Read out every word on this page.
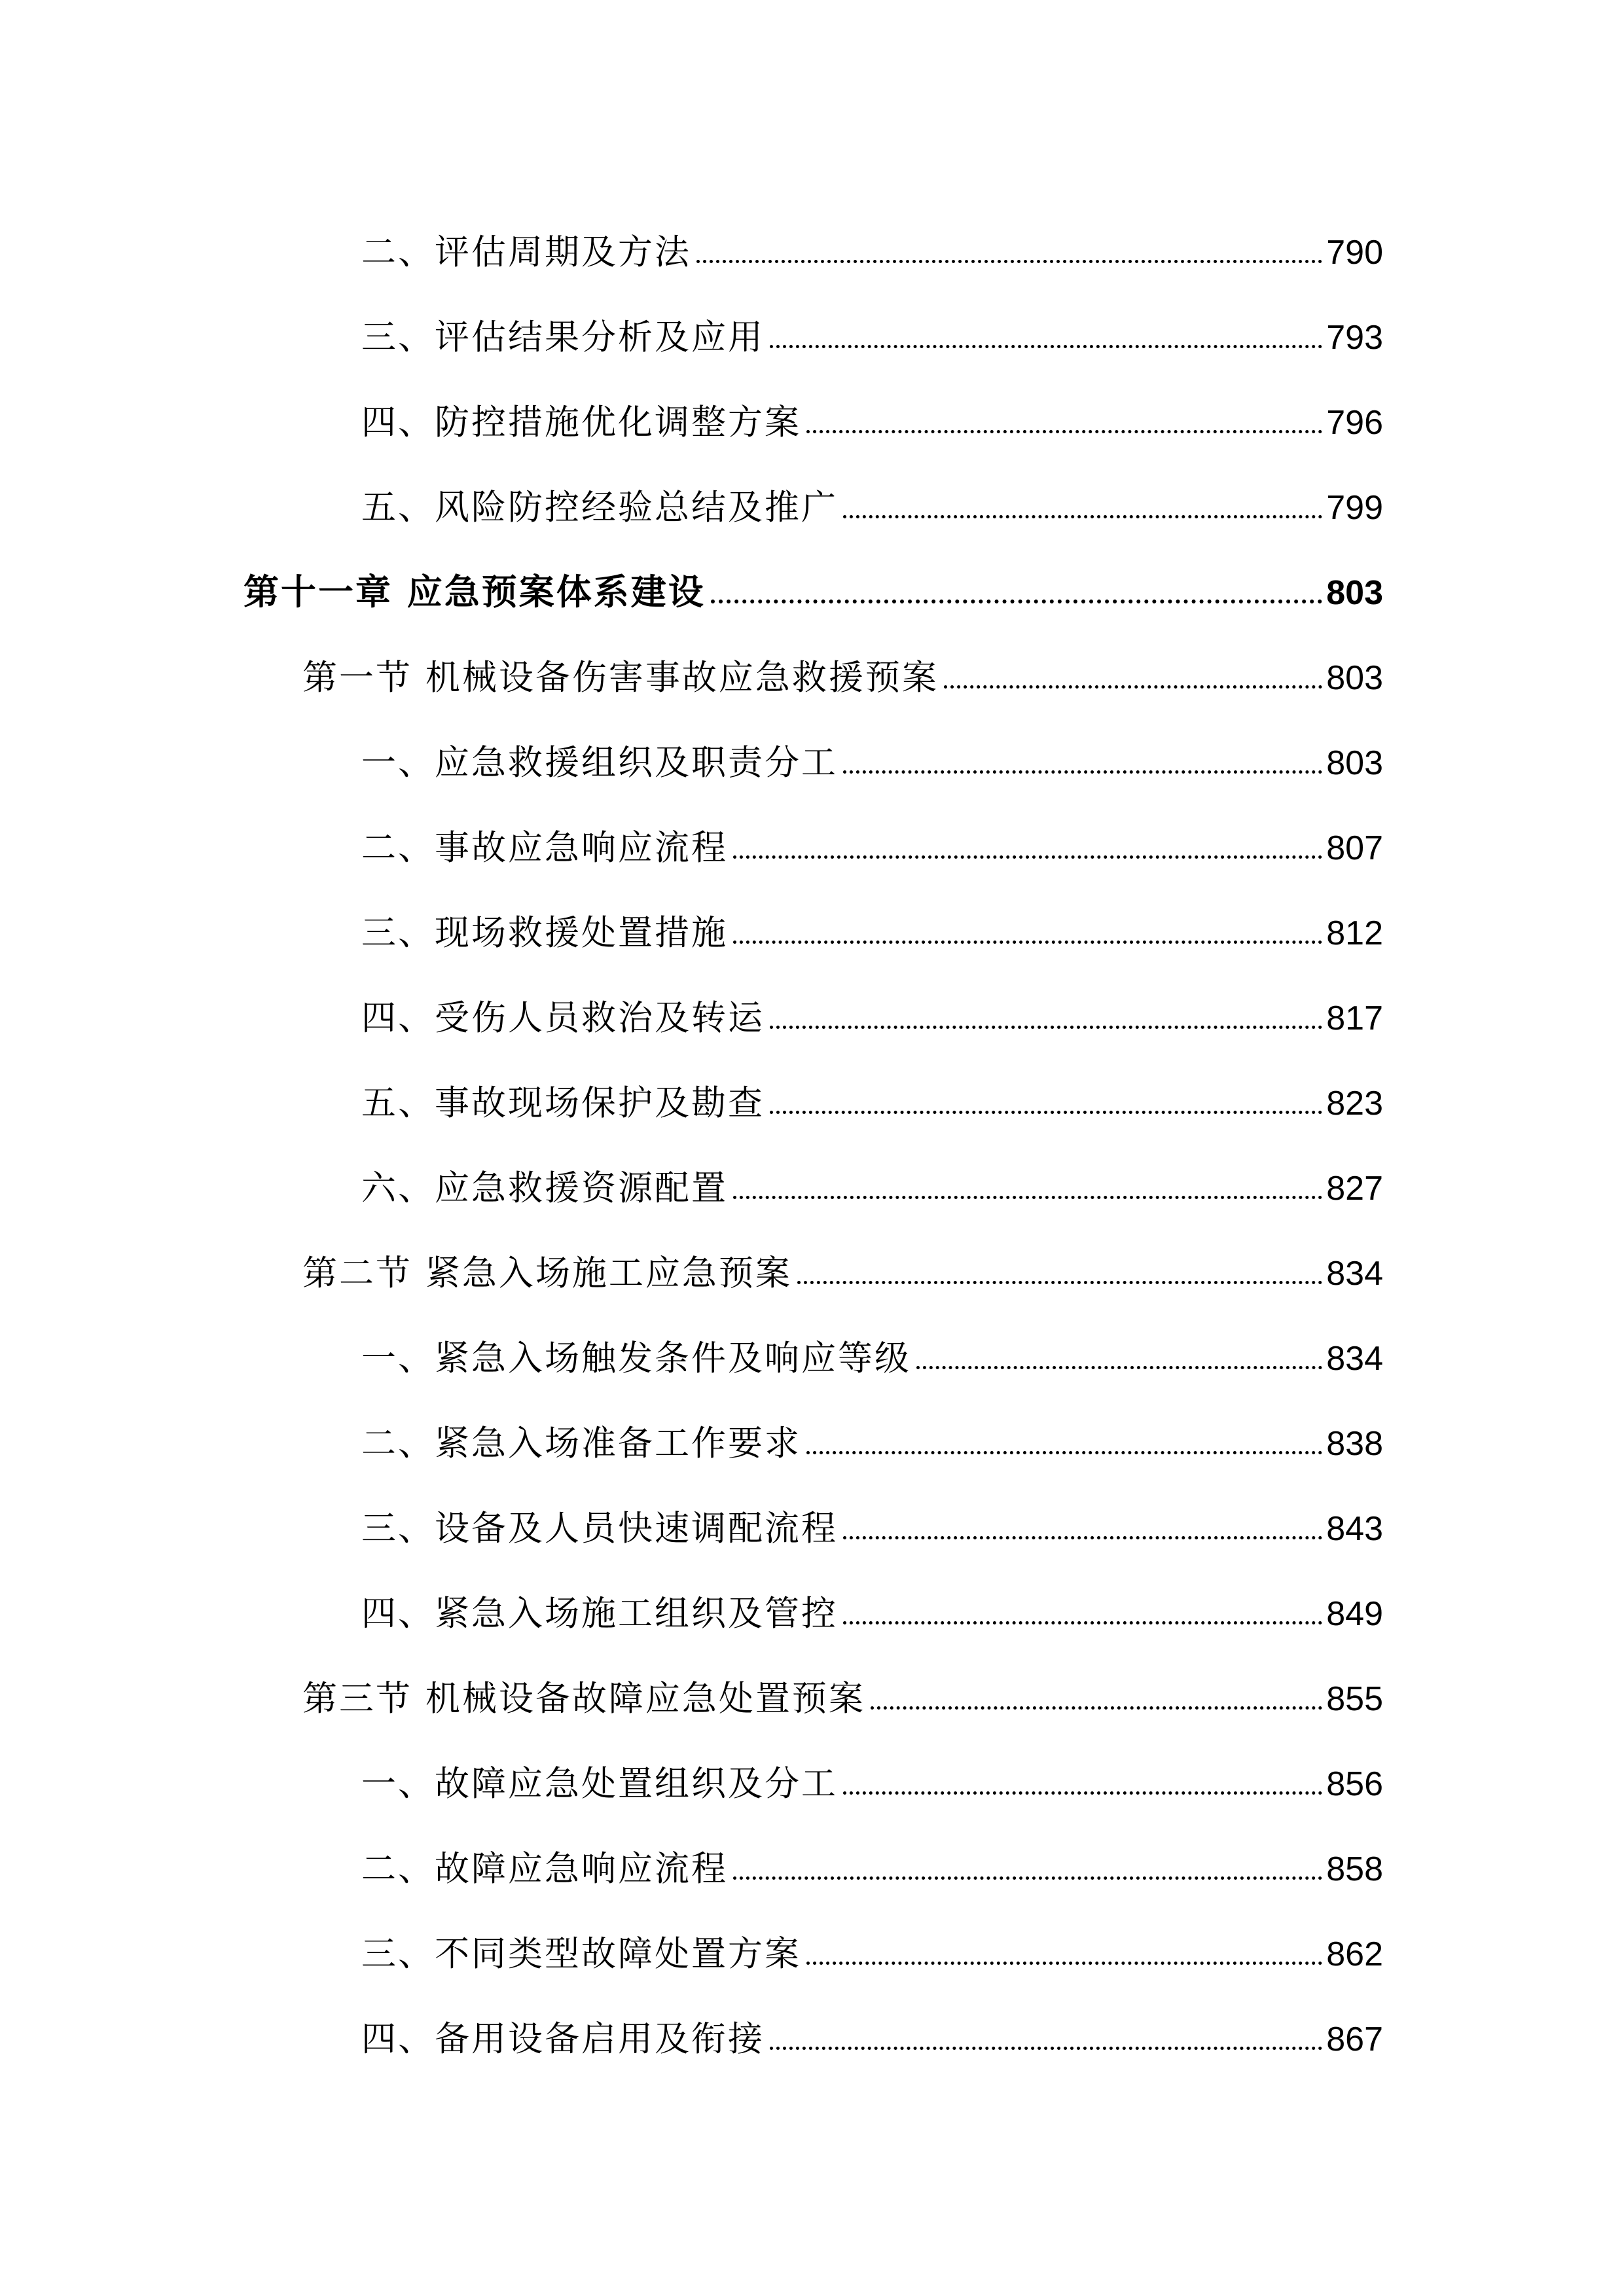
二、评估周期及方法	790
三、评估结果分析及应用	793
四、防控措施优化调整方案	796
五、风险防控经验总结及推广	799
第十一章 应急预案体系建设	803
第一节 机械设备伤害事故应急救援预案	803
一、应急救援组织及职责分工	803
二、事故应急响应流程	807
三、现场救援处置措施	812
四、受伤人员救治及转运	817
五、事故现场保护及勘查	823
六、应急救援资源配置	827
第二节 紧急入场施工应急预案	834
一、紧急入场触发条件及响应等级	834
二、紧急入场准备工作要求	838
三、设备及人员快速调配流程	843
四、紧急入场施工组织及管控	849
第三节 机械设备故障应急处置预案	855
一、故障应急处置组织及分工	856
二、故障应急响应流程	858
三、不同类型故障处置方案	862
四、备用设备启用及衔接	867
